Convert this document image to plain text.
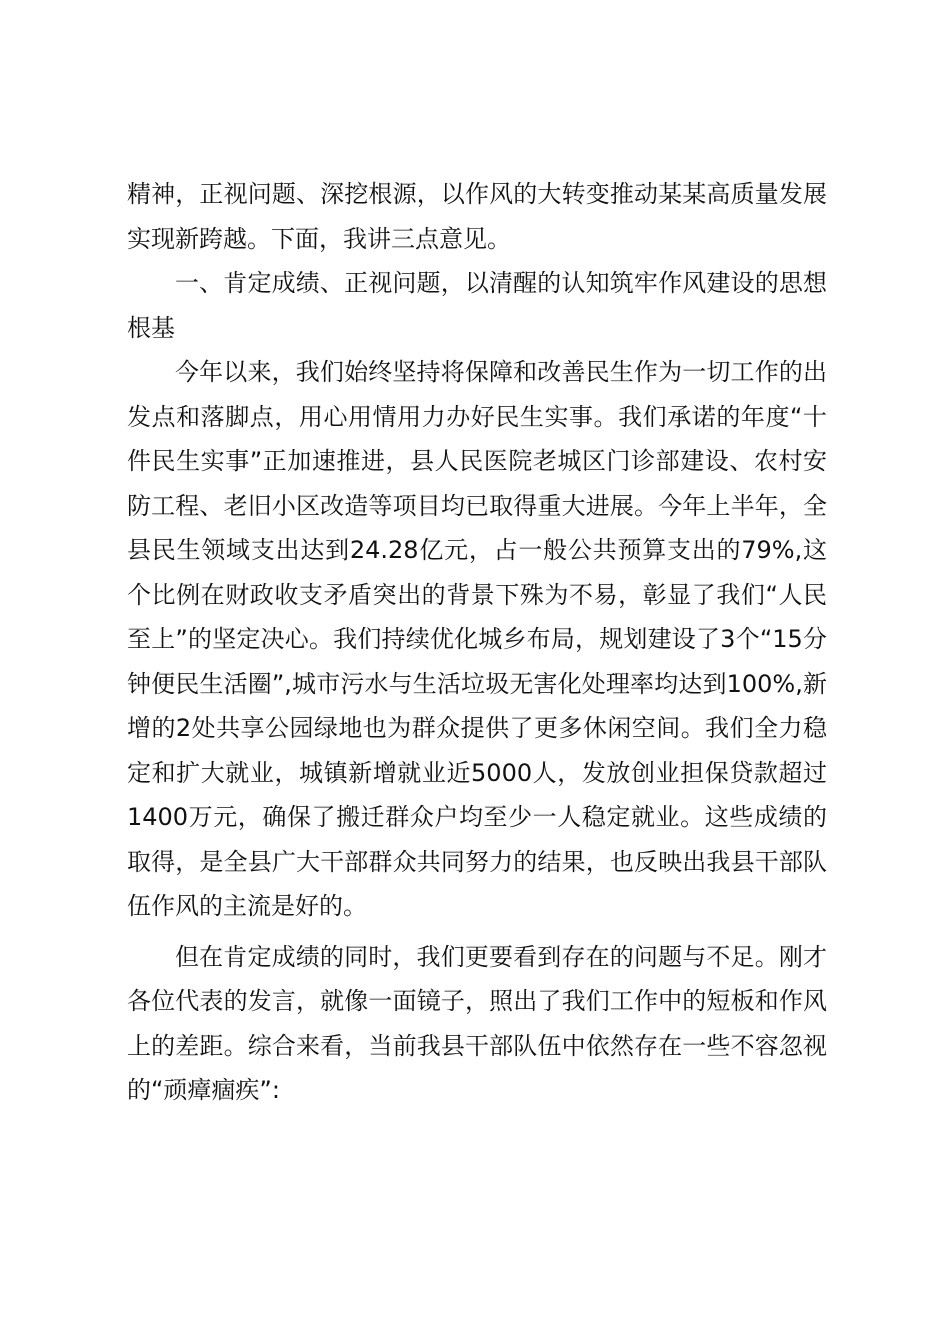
精神，正视问题、深挖根源，以作风的大转变推动某某高质量发展实现新跨越。下面，我讲三点意见。

一、肯定成绩、正视问题，以清醒的认知筑牢作风建设的思想根基

今年以来，我们始终坚持将保障和改善民生作为一切工作的出发点和落脚点，用心用情用力办好民生实事。我们承诺的年度“十件民生实事”正加速推进，县人民医院老城区门诊部建设、农村安防工程、老旧小区改造等项目均已取得重大进展。今年上半年，全县民生领域支出达到24.28亿元，占一般公共预算支出的79%,这个比例在财政收支矛盾突出的背景下殊为不易，彰显了我们“人民至上”的坚定决心。我们持续优化城乡布局，规划建设了3个“15分钟便民生活圈”,城市污水与生活垃圾无害化处理率均达到100%,新增的2处共享公园绿地也为群众提供了更多休闲空间。我们全力稳定和扩大就业，城镇新增就业近5000人，发放创业担保贷款超过1400万元，确保了搬迁群众户均至少一人稳定就业。这些成绩的取得，是全县广大干部群众共同努力的结果，也反映出我县干部队伍作风的主流是好的。

但在肯定成绩的同时，我们更要看到存在的问题与不足。刚才各位代表的发言，就像一面镜子，照出了我们工作中的短板和作风上的差距。综合来看，当前我县干部队伍中依然存在一些不容忽视的“顽瘴痼疾”:
